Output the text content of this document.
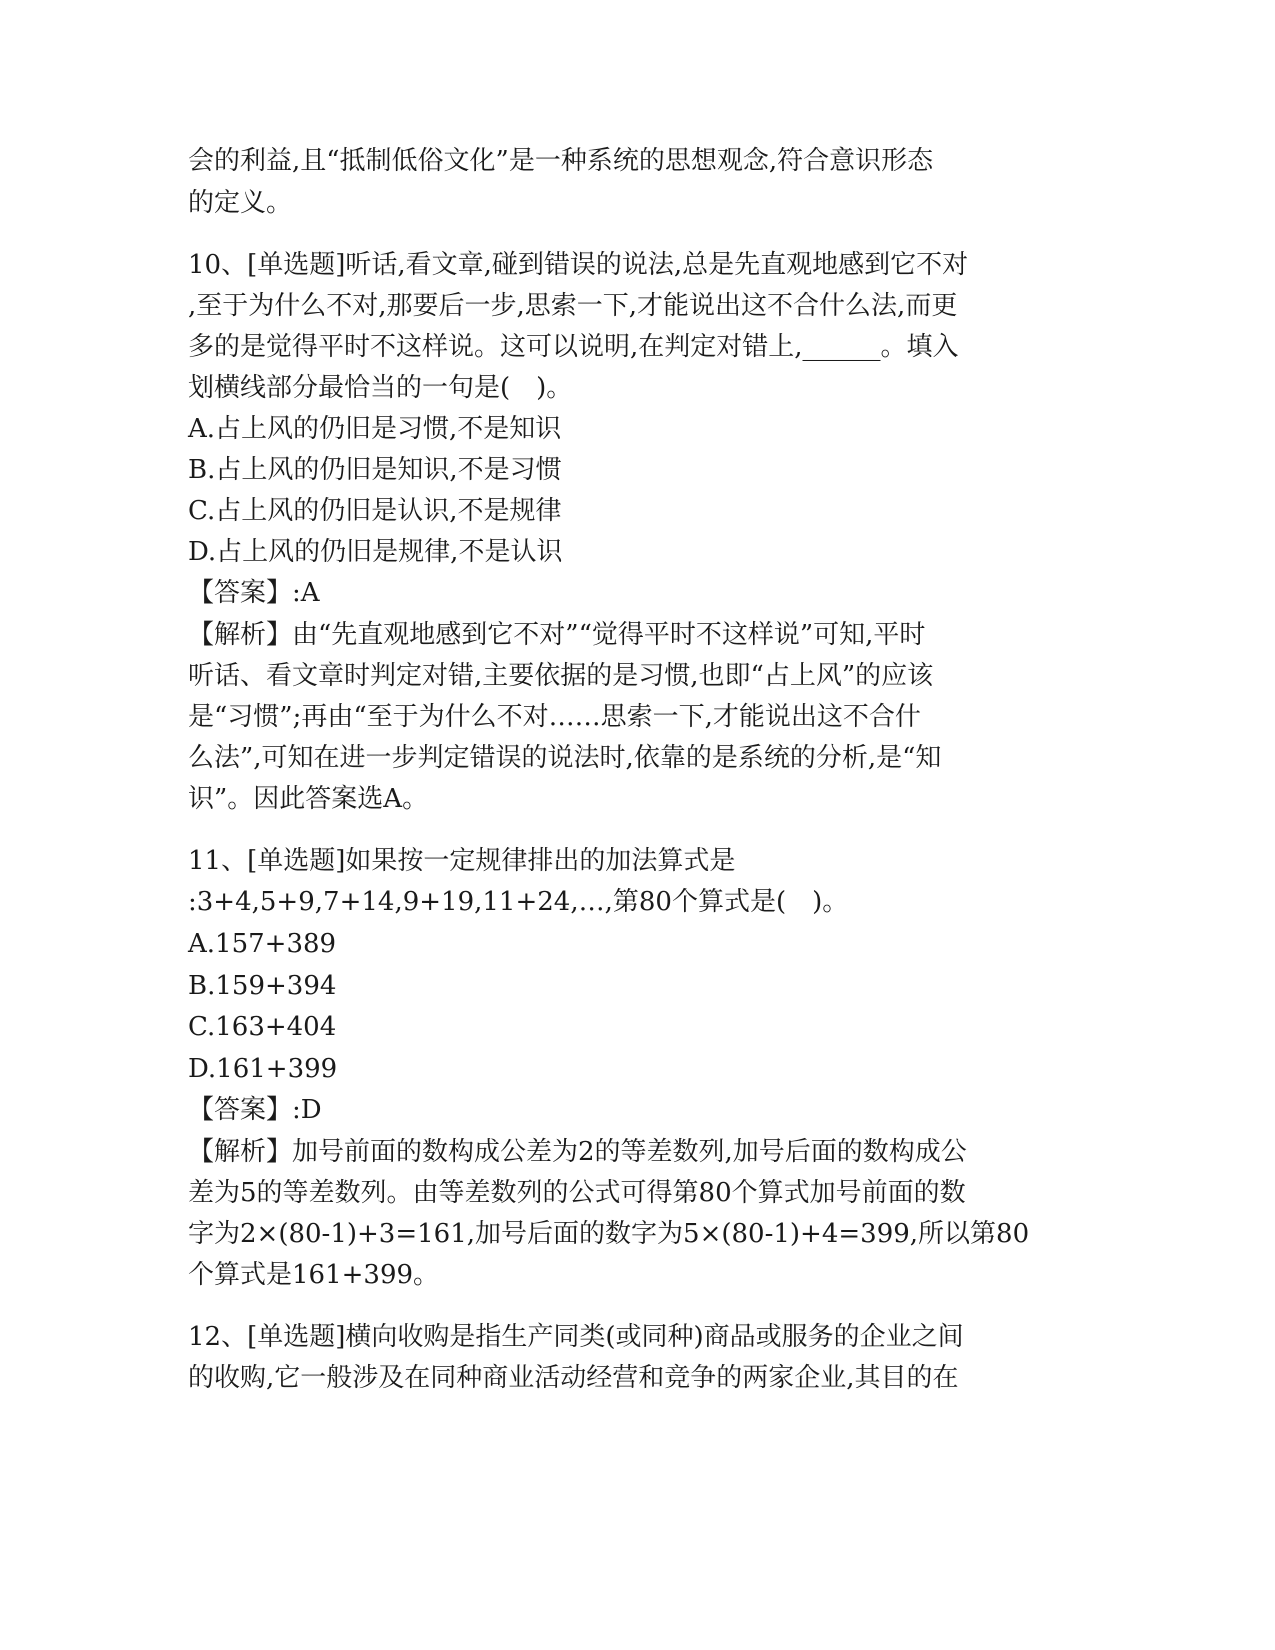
会的利益,且“抵制低俗文化”是一种系统的思想观念,符合意识形态
的定义。
10、[单选题]听话,看文章,碰到错误的说法,总是先直观地感到它不对
,至于为什么不对,那要后一步,思索一下,才能说出这不合什么法,而更
多的是觉得平时不这样说。这可以说明,在判定对错上,______。填入
划横线部分最恰当的一句是(　)。
A.占上风的仍旧是习惯,不是知识
B.占上风的仍旧是知识,不是习惯
C.占上风的仍旧是认识,不是规律
D.占上风的仍旧是规律,不是认识
【答案】:A
【解析】由“先直观地感到它不对”“觉得平时不这样说”可知,平时
听话、看文章时判定对错,主要依据的是习惯,也即“占上风”的应该
是“习惯”;再由“至于为什么不对……思索一下,才能说出这不合什
么法”,可知在进一步判定错误的说法时,依靠的是系统的分析,是“知
识”。因此答案选A。
11、[单选题]如果按一定规律排出的加法算式是
:3+4,5+9,7+14,9+19,11+24,…,第80个算式是(　)。
A.157+389
B.159+394
C.163+404
D.161+399
【答案】:D
【解析】加号前面的数构成公差为2的等差数列,加号后面的数构成公
差为5的等差数列。由等差数列的公式可得第80个算式加号前面的数
字为2×(80-1)+3=161,加号后面的数字为5×(80-1)+4=399,所以第80
个算式是161+399。
12、[单选题]横向收购是指生产同类(或同种)商品或服务的企业之间
的收购,它一般涉及在同种商业活动经营和竞争的两家企业,其目的在
